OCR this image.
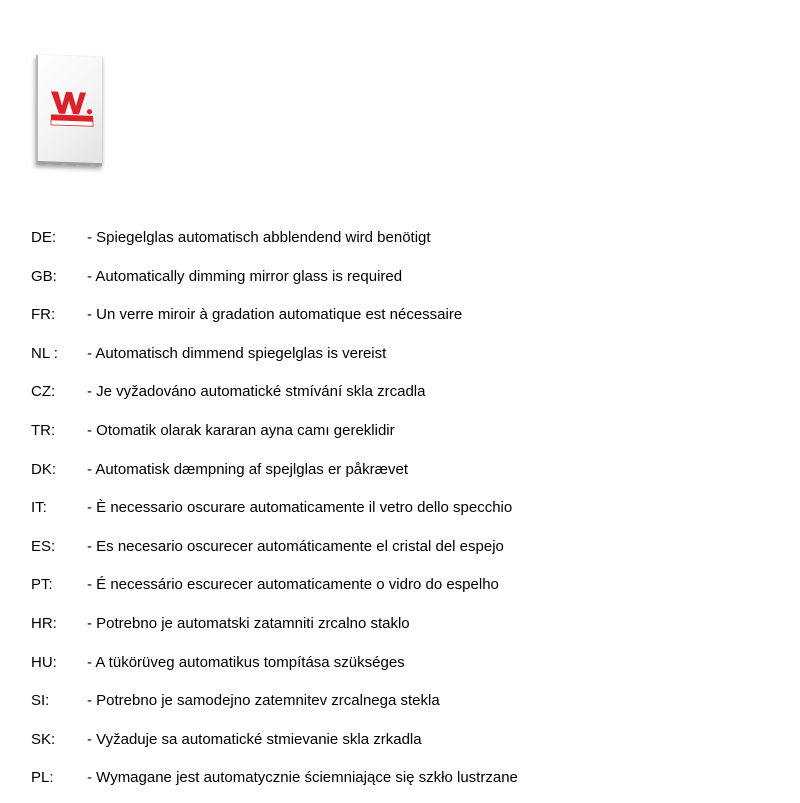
DE: - Spiegelglas automatisch abblendend wird benötigt
GB: - Automatically dimming mirror glass is required
FR: - Un verre miroir à gradation automatique est nécessaire
NL : - Automatisch dimmend spiegelglas is vereist
CZ: - Je vyžadováno automatické stmívání skla zrcadla
TR: - Otomatik olarak kararan ayna camı gereklidir
DK: - Automatisk dæmpning af spejlglas er påkrævet
IT:	- È necessario oscurare automaticamente il vetro dello specchio
ES: - Es necesario oscurecer automáticamente el cristal del espejo
PT: - É necessário escurecer automaticamente o vidro do espelho
HR: - Potrebno je automatski zatamniti zrcalno staklo
HU: - A tükörüveg automatikus tompítása szükséges
SI:	- Potrebno je samodejno zatemnitev zrcalnega stekla
SK: - Vyžaduje sa automatické stmievanie skla zrkadla
PL: - Wymagane jest automatycznie ściemniające się szkło lustrzane
